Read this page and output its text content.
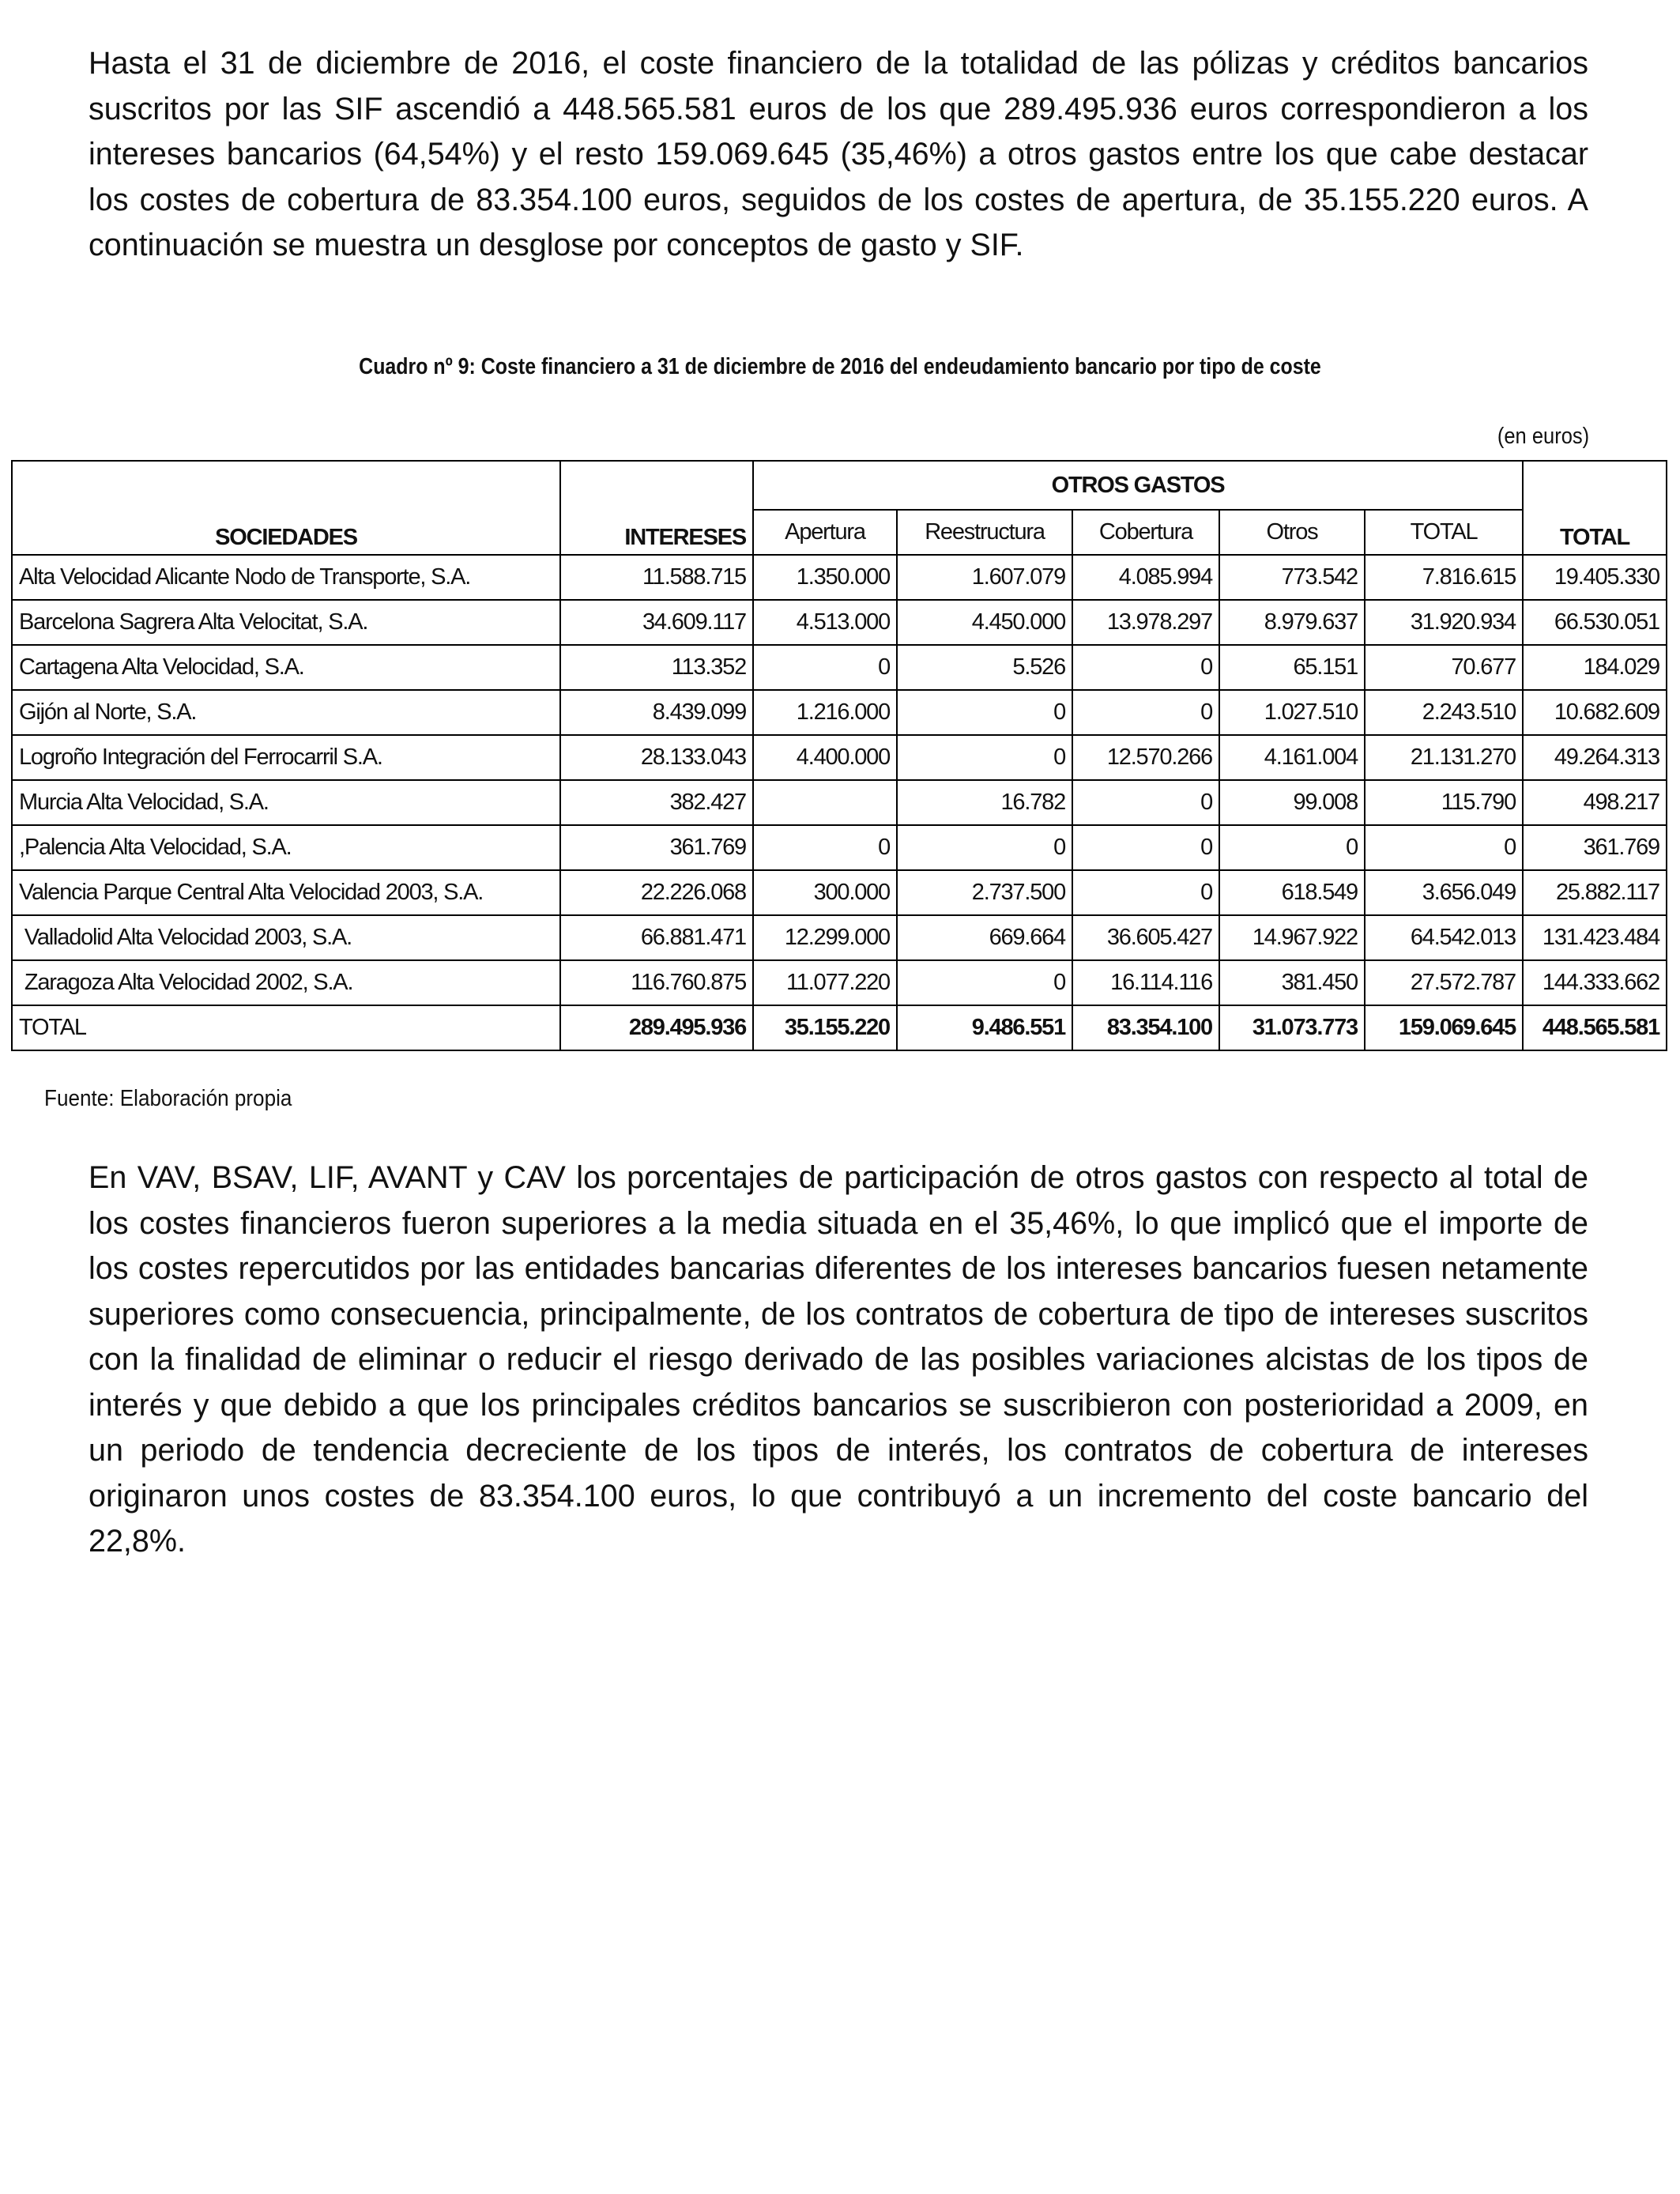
Hasta el 31 de diciembre de 2016, el coste financiero de la totalidad de las pólizas y créditos bancarios suscritos por las SIF ascendió a 448.565.581 euros de los que 289.495.936 euros correspondieron a los intereses bancarios (64,54%) y el resto 159.069.645 (35,46%) a otros gastos entre los que cabe destacar los costes de cobertura de 83.354.100 euros, seguidos de los costes de apertura, de 35.155.220 euros. A continuación se muestra un desglose por conceptos de gasto y SIF.

Cuadro nº 9: Coste financiero a 31 de diciembre de 2016 del endeudamiento bancario por tipo de coste
(en euros)
		OTROS GASTOS					
SOCIEDADES	INTERESES	Apertura	Reestructura	Cobertura	Otros	TOTAL	TOTAL
Alta Velocidad Alicante Nodo de Transporte, S.A.	11.588.715	1.350.000	1.607.079	4.085.994	773.542	7.816.615	19.405.330
Barcelona Sagrera Alta Velocitat, S.A.	34.609.117	4.513.000	4.450.000	13.978.297	8.979.637	31.920.934	66.530.051
Cartagena Alta Velocidad, S.A.	113.352	0	5.526	0	65.151	70.677	184.029
Gijón al Norte, S.A.	8.439.099	1.216.000	0	0	1.027.510	2.243.510	10.682.609
Logroño Integración del Ferrocarril S.A.	28.133.043	4.400.000	0	12.570.266	4.161.004	21.131.270	49.264.313
Murcia Alta Velocidad, S.A.	382.427		16.782	0	99.008	115.790	498.217
,Palencia Alta Velocidad, S.A.	361.769	0	0	0	0	0	361.769
Valencia Parque Central Alta Velocidad 2003, S.A.	22.226.068	300.000	2.737.500	0	618.549	3.656.049	25.882.117
Valladolid Alta Velocidad 2003, S.A.	66.881.471	12.299.000	669.664	36.605.427	14.967.922	64.542.013	131.423.484
Zaragoza Alta Velocidad 2002, S.A.	116.760.875	11.077.220	0	16.114.116	381.450	27.572.787	144.333.662
TOTAL	289.495.936	35.155.220	9.486.551	83.354.100	31.073.773	159.069.645	448.565.581
Fuente: Elaboración propia

En VAV, BSAV, LIF, AVANT y CAV los porcentajes de participación de otros gastos con respecto al total de los costes financieros fueron superiores a la media situada en el 35,46%, lo que implicó que el importe de los costes repercutidos por las entidades bancarias diferentes de los intereses bancarios fuesen netamente superiores como consecuencia, principalmente, de los contratos de cobertura de tipo de intereses suscritos con la finalidad de eliminar o reducir el riesgo derivado de las posibles variaciones alcistas de los tipos de interés y que debido a que los principales créditos bancarios se suscribieron con posterioridad a 2009, en un periodo de tendencia decreciente de los tipos de interés, los contratos de cobertura de intereses originaron unos costes de 83.354.100 euros, lo que contribuyó a un incremento del coste bancario del 22,8%.
